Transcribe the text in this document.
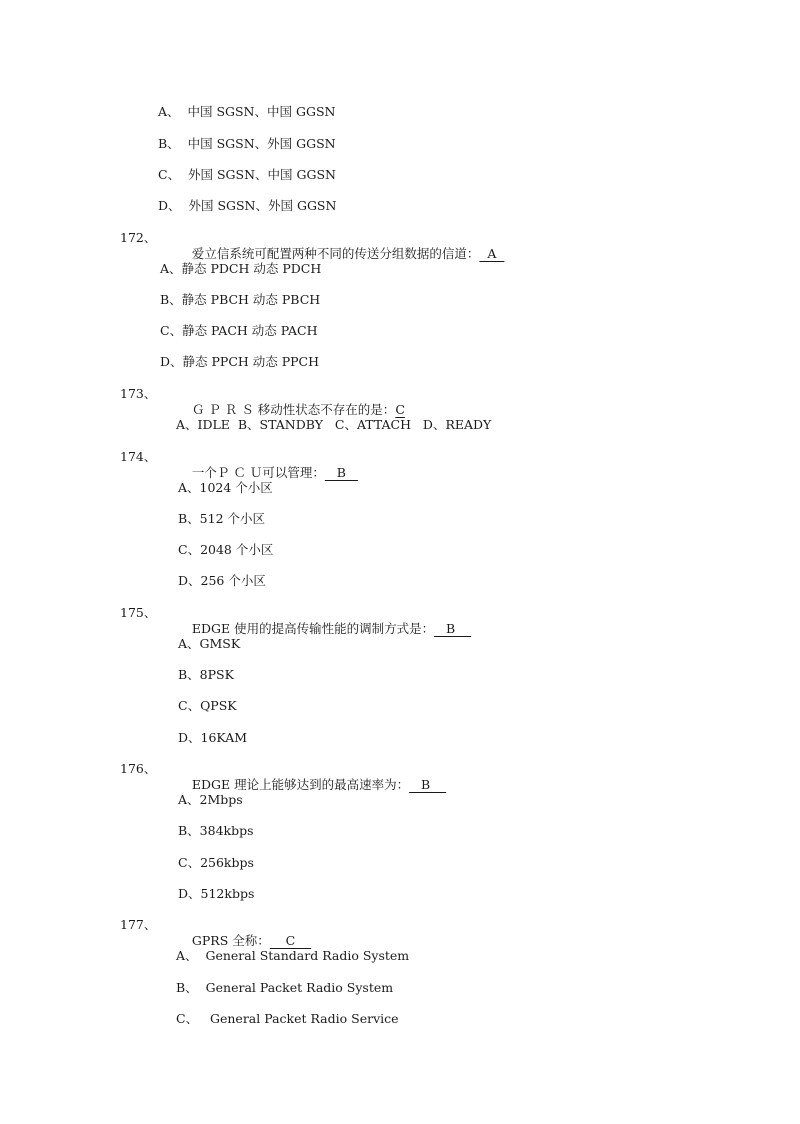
A、  中国 SGSN、中国 GGSN
B、  中国 SGSN、外国 GGSN
C、  外国 SGSN、中国 GGSN
D、  外国 SGSN、外国 GGSN
172、

爱立信系统可配置两种不同的传送分组数据的信道：  A

A、静态 PDCH 动态 PDCH
B、静态 PBCH 动态 PBCH
C、静态 PACH 动态 PACH
D、静态 PPCH 动态 PPCH
173、

Ｇ Ｐ Ｒ Ｓ 移动性状态不存在的是：C

A、IDLE  B、STANDBY   C、ATTACH   D、READY
174、

一个Ｐ Ｃ Ｕ可以管理：   B

A、1024 个小区
B、512 个小区
C、2048 个小区
D、256 个小区
175、

EDGE 使用的提高传输性能的调制方式是：   B

A、GMSK
B、8PSK
C、QPSK
D、16KAM
176、

EDGE 理论上能够达到的最高速率为：   B

A、2Mbps
B、384kbps
C、256kbps
D、512kbps
177、

GPRS 全称：    C

A、  General Standard Radio System
B、  General Packet Radio System
C、   General Packet Radio Service
